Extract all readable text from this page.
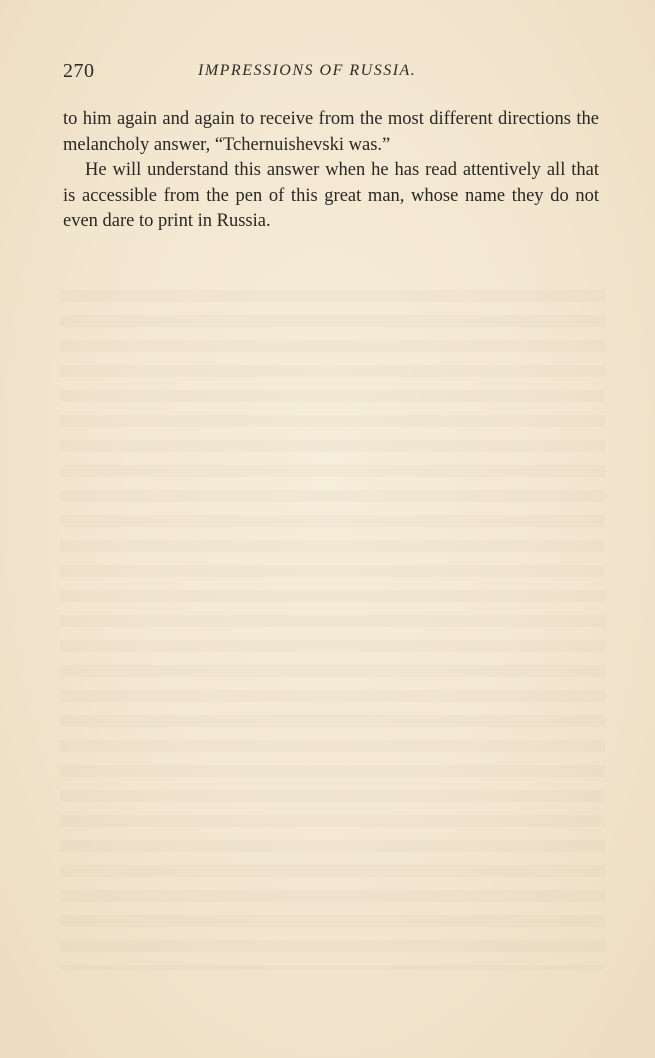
270	IMPRESSIONS OF RUSSIA.

to him again and again to receive from the most different directions the melancholy answer, “Tchernuishevski was.”

He will understand this answer when he has read attentively all that is accessible from the pen of this great man, whose name they do not even dare to print in Russia.
